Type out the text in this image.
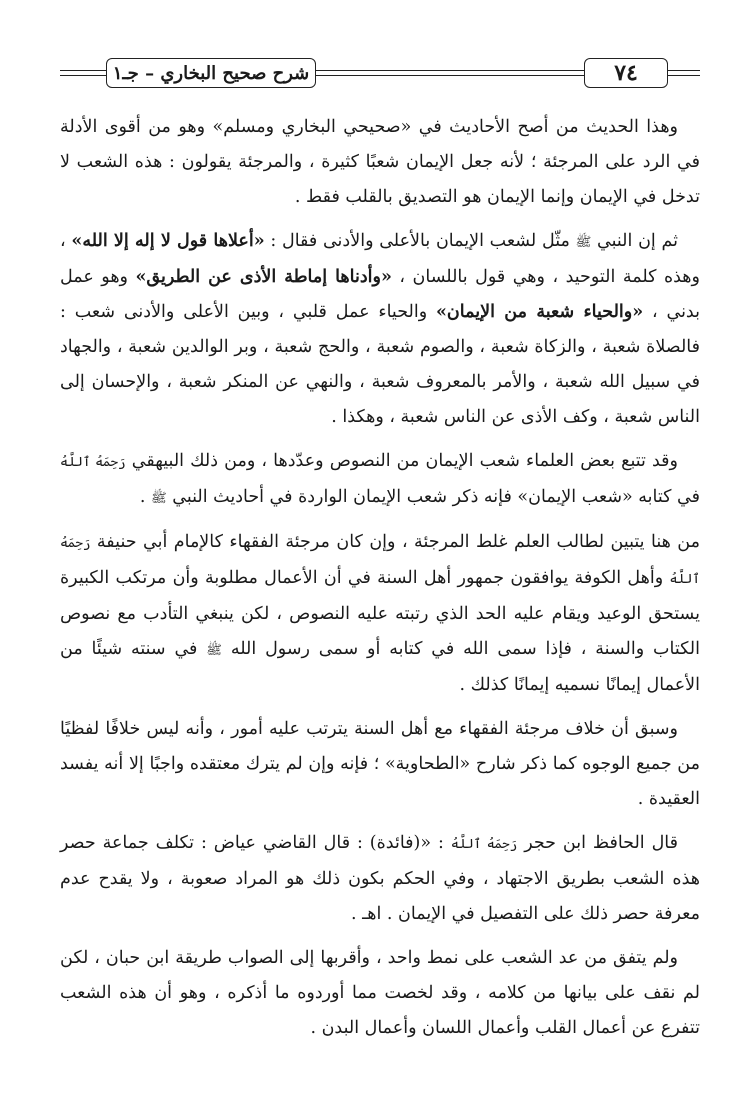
٧٤
شرح صحيح البخاري – جـ١

وهذا الحديث من أصح الأحاديث في «صحيحي البخاري ومسلم» وهو من أقوى الأدلة في الرد على المرجئة ؛ لأنه جعل الإيمان شعبًا كثيرة ، والمرجئة يقولون : هذه الشعب لا تدخل في الإيمان وإنما الإيمان هو التصديق بالقلب فقط .

ثم إن النبي ﷺ مثّل لشعب الإيمان بالأعلى والأدنى فقال : «أعلاها قول لا إله إلا الله» ، وهذه كلمة التوحيد ، وهي قول باللسان ، «وأدناها إماطة الأذى عن الطريق» وهو عمل بدني ، «والحياء شعبة من الإيمان» والحياء عمل قلبي ، وبين الأعلى والأدنى شعب : فالصلاة شعبة ، والزكاة شعبة ، والصوم شعبة ، والحج شعبة ، وبر الوالدين شعبة ، والجهاد في سبيل الله شعبة ، والأمر بالمعروف شعبة ، والنهي عن المنكر شعبة ، والإحسان إلى الناس شعبة ، وكف الأذى عن الناس شعبة ، وهكذا .

وقد تتبع بعض العلماء شعب الإيمان من النصوص وعدّدها ، ومن ذلك البيهقي رَحِمَهُ ٱللَّهُ في كتابه «شعب الإيمان» فإنه ذكر شعب الإيمان الواردة في أحاديث النبي ﷺ .

من هنا يتبين لطالب العلم غلط المرجئة ، وإن كان مرجئة الفقهاء كالإمام أبي حنيفة رَحِمَهُ ٱللَّهُ وأهل الكوفة يوافقون جمهور أهل السنة في أن الأعمال مطلوبة وأن مرتكب الكبيرة يستحق الوعيد ويقام عليه الحد الذي رتبته عليه النصوص ، لكن ينبغي التأدب مع نصوص الكتاب والسنة ، فإذا سمى الله في كتابه أو سمى رسول الله ﷺ في سنته شيئًا من الأعمال إيمانًا نسميه إيمانًا كذلك .

وسبق أن خلاف مرجئة الفقهاء مع أهل السنة يترتب عليه أمور ، وأنه ليس خلافًا لفظيًا من جميع الوجوه كما ذكر شارح «الطحاوية» ؛ فإنه وإن لم يترك معتقده واجبًا إلا أنه يفسد العقيدة .

قال الحافظ ابن حجر رَحِمَهُ ٱللَّهُ : «(فائدة) : قال القاضي عياض : تكلف جماعة حصر هذه الشعب بطريق الاجتهاد ، وفي الحكم بكون ذلك هو المراد صعوبة ، ولا يقدح عدم معرفة حصر ذلك على التفصيل في الإيمان . اهـ .

ولم يتفق من عد الشعب على نمط واحد ، وأقربها إلى الصواب طريقة ابن حبان ، لكن لم نقف على بيانها من كلامه ، وقد لخصت مما أوردوه ما أذكره ، وهو أن هذه الشعب تتفرع عن أعمال القلب وأعمال اللسان وأعمال البدن .
